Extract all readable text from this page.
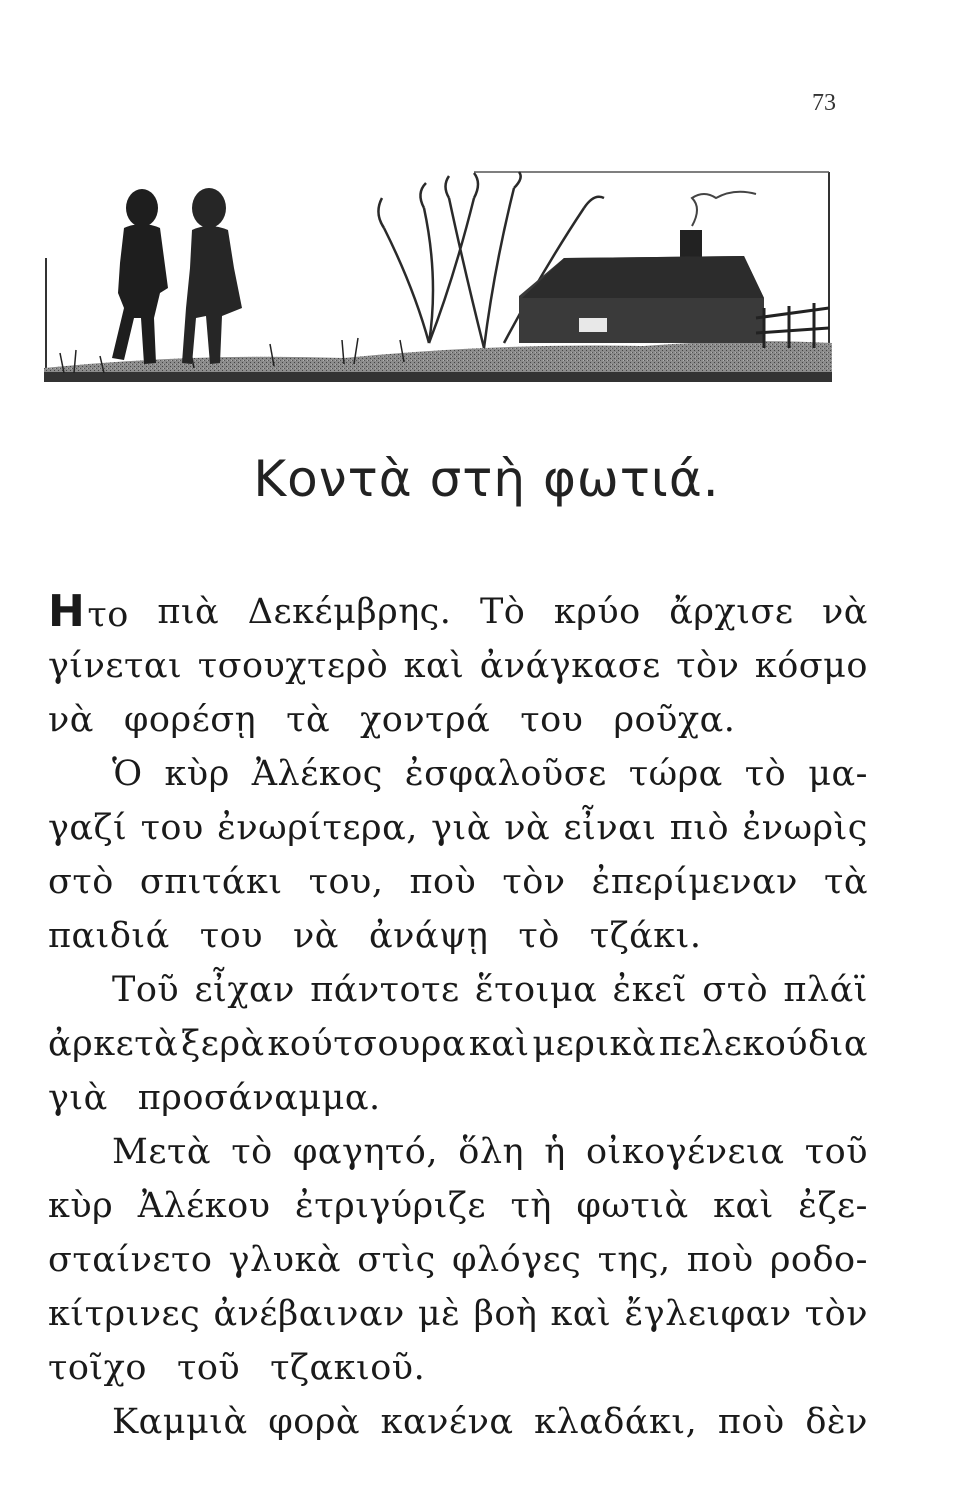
73
Κοντὰ στὴ φωτιά.
Ητο πιὰ Δεκέμβρης. Τὸ κρύο ἄρχισε νὰ
γίνεται τσουχτερὸ καὶ ἀνάγκασε τὸν κόσμο
νὰ φορέσῃ τὰ χοντρά του ροῦχα.
Ὁ κὺρ Ἀλέκος ἐσφαλοῦσε τώρα τὸ μα-
γαζί του ἐνωρίτερα, γιὰ νὰ εἶναι πιὸ ἐνωρὶς
στὸ σπιτάκι του, ποὺ τὸν ἐπερίμεναν τὰ
παιδιά του νὰ ἀνάψῃ τὸ τζάκι.
Τοῦ εἶχαν πάντοτε ἕτοιμα ἐκεῖ στὸ πλάϊ
ἀρκετὰ ξερὰ κούτσουρα καὶ μερικὰ πελεκούδια
γιὰ προσάναμμα.
Μετὰ τὸ φαγητό, ὅλη ἡ οἰκογένεια τοῦ
κὺρ Ἀλέκου ἐτριγύριζε τὴ φωτιὰ καὶ ἐζε-
σταίνετο γλυκὰ στὶς φλόγες της, ποὺ ροδο-
κίτρινες ἀνέβαιναν μὲ βοὴ καὶ ἔγλειφαν τὸν
τοῖχο τοῦ τζακιοῦ.
Καμμιὰ φορὰ κανένα κλαδάκι, ποὺ δὲν
